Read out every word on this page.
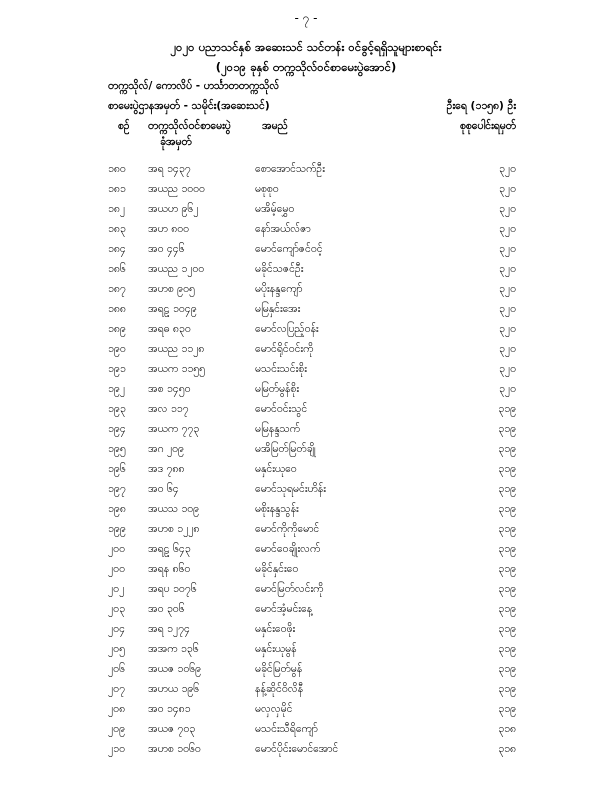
- ၇ -
၂၀၂၀ ပညာသင်နှစ် အဆေးသင် သင်တန်း ဝင်ခွင့်ရရှိသူများစာရင်း
(၂၀၁၉ ခုနှစ် တက္ကသိုလ်ဝင်စာမေးပွဲအောင်)
တက္ကသိုလ်/ ကောလိပ် - ဟင်္သာတတက္ကသိုလ်
စာမေးပွဲဌာနအမှတ် - သမိုင်း(အဆေးသင်)	ဦးရေ (၁၁၅၈) ဦး
စဉ် တက္ကသိုလ်ဝင်စာမေးပွဲ
ခုံအမှတ်
အမည်	စုစုပေါင်းရမှတ်
၁၈၀	အရ ၁၄၃၇	စောအောင်သက်ဦး	၃၂၀
၁၈၁	အယည ၁၀၀၀	မစုစုဝ	၃၂၀
၁၈၂	အယဟ ၉၆၂	မအိမ့်မွှေဝ	၃၂၀
၁၈၃	အဟ ၈၀၀	နော်အယ်လ်ဇာ	၃၂၀
၁၈၄	အဝ ၄၄၆	မောင်ကျော်ဇင်ဝင့်	၃၂၀
၁၈၆	အယည ၁၂၀၀	မခိုင်သဇင်ဦး	၃၂၀
၁၈၇	အဟစ ၉၀၅	မပိုးနန္ဒကျော်	၃၂၀
၁၈၈	အရဠ ၁၀၄၉	မမြနှင်းအေး	၃၂၀
၁၈၉	အရဓ ၈၃၀	မောင်လပြည့်ဝန်း	၃၂၀
၁၉၀	အယည ၁၁၂၈	မောင်ရိုင်ဝင်းကို	၃၂၀
၁၉၁	အယက ၁၁၅၅	မသင်းသင်းစိုး	၃၂၀
၁၉၂	အစ ၁၄၅၀	မမြတ်မွန်စိုး	၃၂၀
၁၉၃	အလ ၁၁၇	မောင်ဝင်းသွင်	၃၁၉
၁၉၄	အယက ၇၇၃	မမြနန္ဒသက်	၃၁၉
၁၉၅	အဂ ၂၀၉	မအိမြတ်မြတ်ချို	၃၁၉
၁၉၆	အဒ ၇၈၈	မနှင်းယုဝေ	၃၁၉
၁၉၇	အဝ ၆၄	မောင်သုရမင်းဟိန်း	၃၁၉
၁၉၈	အယသ ၁၀၉	မစိုးနန္ဒသွန်း	၃၁၉
၁၉၉	အဟစ ၁၂၂၈	မောင်ကိုကိုမောင်	၃၁၉
၂၀၀	အရဠ ၆၄၃	မောင်ဝေချိုးလက်	၃၁၉
၂၀၀	အရန ၈၆၀	မခိုင်နှင်းဝေ	၃၁၉
၂၀၂	အရပ ၁၀၇၆	မောင်မြတ်လင်းကို	၃၁၉
၂၀၃	အဝ ၃၀၆	မောင်အံ့မင်းနေ့	၃၁၉
၂၀၄	အရ ၁၂၇၄	မနှင်းဝေဖိုး	၃၁၉
၂၀၅	အအက ၁၃၆	မနှင်းယုမွန်	၃၁၉
၂၀၆	အယဇ ၁၀၆၉	မခိုင်မြတ်မွန်	၃၁၉
၂၀၇	အဟယ ၁၉၆	နန့်ဆိုင်ဝိလိနီ	၃၁၉
၂၀၈	အဝ ၁၄၈၁	မလှလှမိုင်	၃၁၉
၂၀၉	အယဇ ၇၀၃	မသင်းသီရိကျော်	၃၁၈
၂၁၀	အဟစ ၁၀၆၀	မောင်ပိုင်းမောင်အောင်	၃၁၈
